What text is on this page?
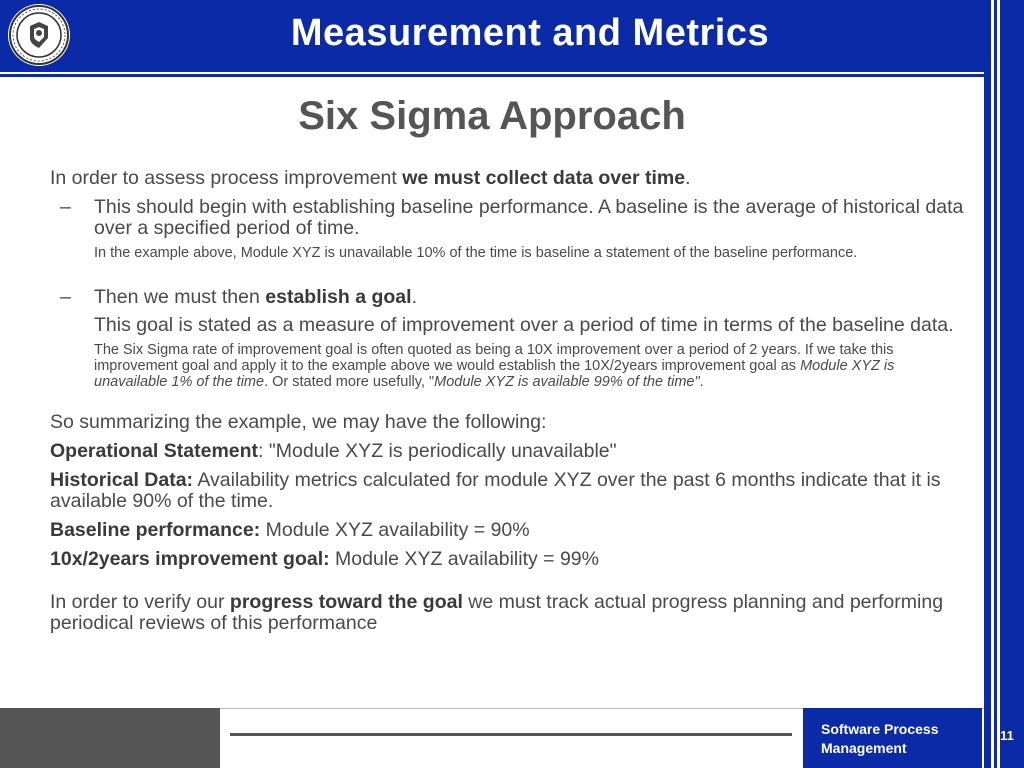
Measurement and Metrics
Six Sigma Approach

In order to assess process improvement we must collect data over time.

– This should begin with establishing baseline performance. A baseline is the average of historical data over a specified period of time.

In the example above, Module XYZ is unavailable 10% of the time is baseline a statement of the baseline performance.

– Then we must then establish a goal.

This goal is stated as a measure of improvement over a period of time in terms of the baseline data.

The Six Sigma rate of improvement goal is often quoted as being a 10X improvement over a period of 2 years. If we take this improvement goal and apply it to the example above we would establish the 10X/2years improvement goal as Module XYZ is unavailable 1% of the time. Or stated more usefully, "Module XYZ is available 99% of the time".

So summarizing the example, we may have the following:

Operational Statement: "Module XYZ is periodically unavailable"

Historical Data: Availability metrics calculated for module XYZ over the past 6 months indicate that it is available 90% of the time.

Baseline performance: Module XYZ availability = 90%

10x/2years improvement goal: Module XYZ availability = 99%

In order to verify our progress toward the goal we must track actual progress planning and performing periodical reviews of this performance

Software Process
Management
11
